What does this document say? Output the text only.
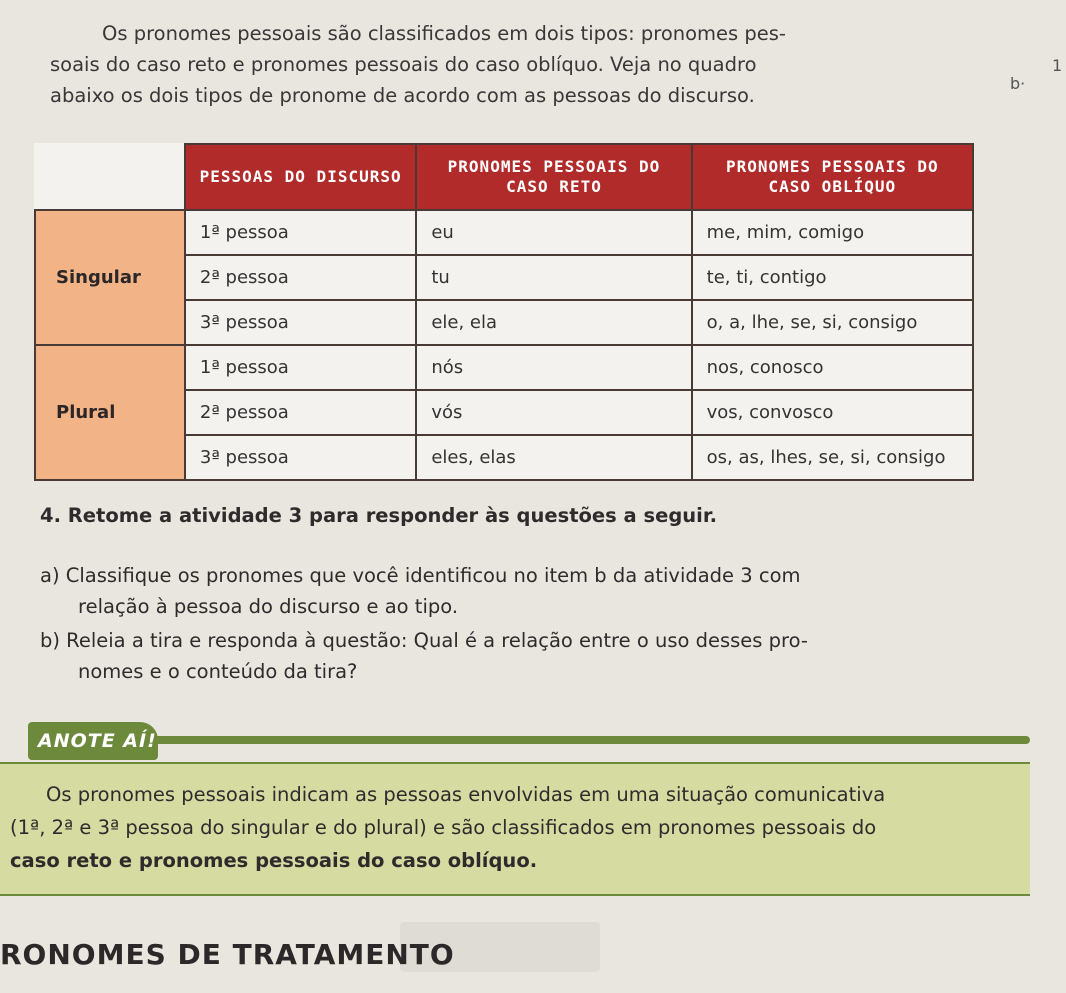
Os pronomes pessoais são classificados em dois tipos: pronomes pes-
soais do caso reto e pronomes pessoais do caso oblíquo. Veja no quadro
abaixo os dois tipos de pronome de acordo com as pessoas do discurso.
1
b·
	PESSOAS DO DISCURSO	PRONOMES PESSOAIS DO CASO RETO	PRONOMES PESSOAIS DO CASO OBLÍQUO
Singular	1ª pessoa	eu	me, mim, comigo
	2ª pessoa	tu	te, ti, contigo
	3ª pessoa	ele, ela	o, a, lhe, se, si, consigo
Plural	1ª pessoa	nós	nos, conosco
	2ª pessoa	vós	vos, convosco
	3ª pessoa	eles, elas	os, as, lhes, se, si, consigo
4. Retome a atividade 3 para responder às questões a seguir.
a) Classifique os pronomes que você identificou no item b da atividade 3 com
relação à pessoa do discurso e ao tipo.
b) Releia a tira e responda à questão: Qual é a relação entre o uso desses pro-
nomes e o conteúdo da tira?
ANOTE AÍ!
Os pronomes pessoais indicam as pessoas envolvidas em uma situação comunicativa
(1ª, 2ª e 3ª pessoa do singular e do plural) e são classificados em pronomes pessoais do
caso reto e pronomes pessoais do caso oblíquo.
RONOMES DE TRATAMENTO
